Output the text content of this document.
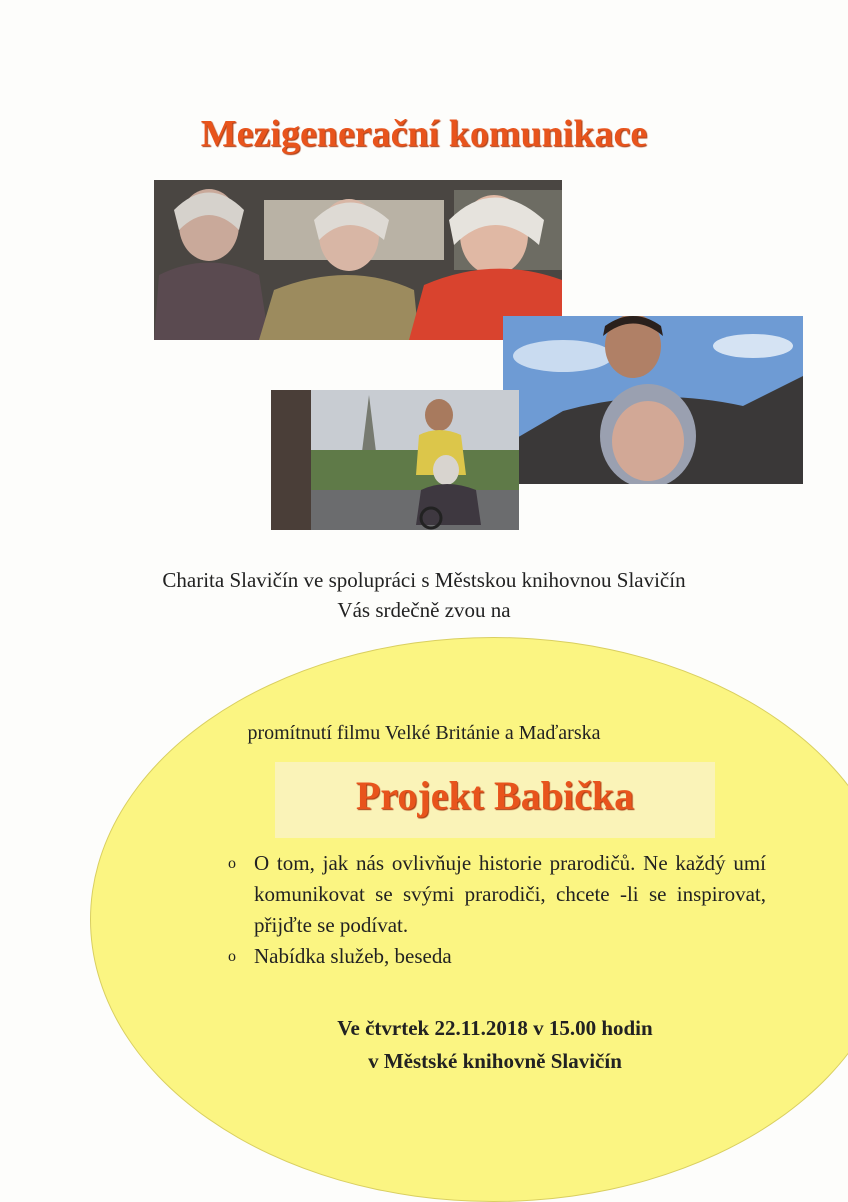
Mezigenerační komunikace
Charita Slavičín ve spolupráci s Městskou knihovnou Slavičín
Vás srdečně zvou na
promítnutí filmu Velké Británie a Maďarska
Projekt Babička
o O tom, jak nás ovlivňuje historie prarodičů. Ne každý umí komunikovat se svými prarodiči, chcete -li se inspirovat, přijďte se podívat.
o Nabídka služeb, beseda
Ve čtvrtek 22.11.2018 v 15.00 hodin
v Městské knihovně Slavičín
